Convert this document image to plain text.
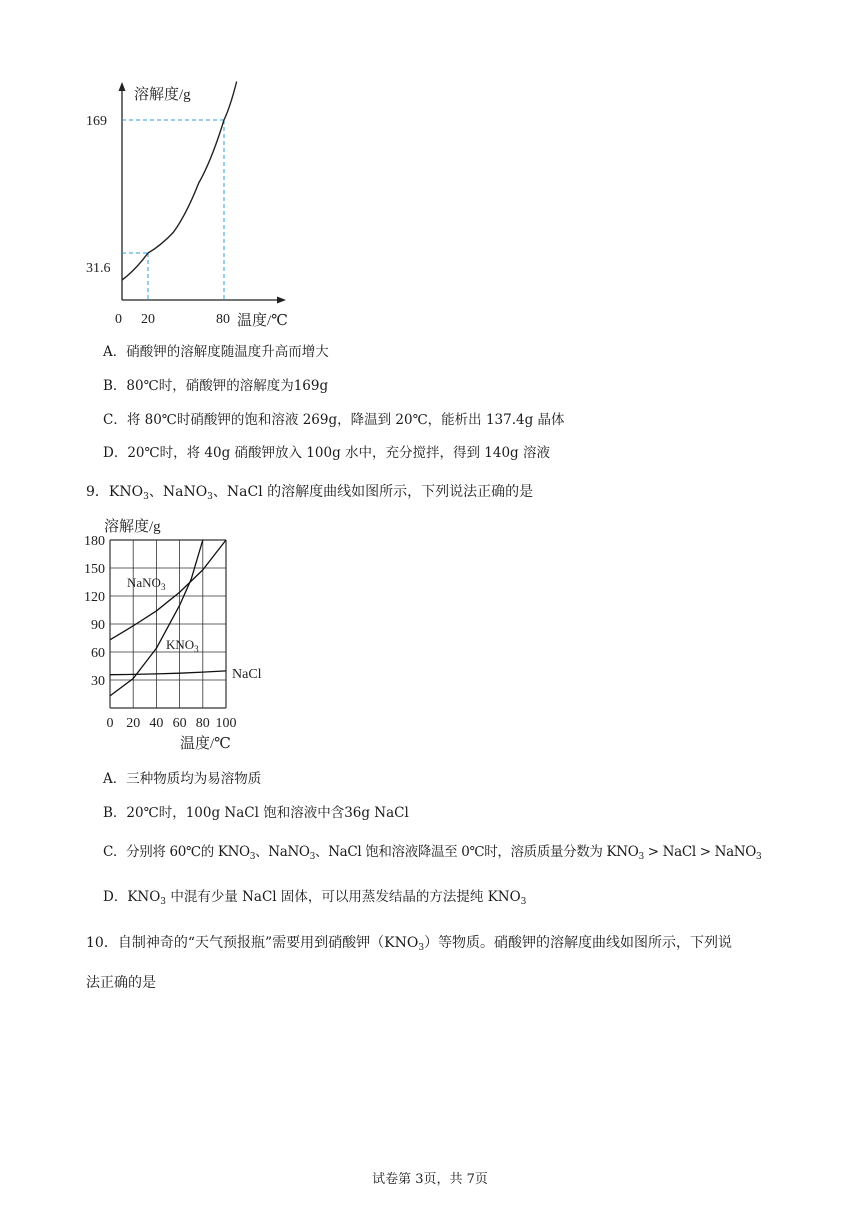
溶解度/g
温度/℃
0 20	80
31.6
169
A．硝酸钾的溶解度随温度升高而增大
B．80℃时，硝酸钾的溶解度为169g
C．将 80℃时硝酸钾的饱和溶液 269g，降温到 20℃，能析出 137.4g 晶体
D．20℃时，将 40g 硝酸钾放入 100g 水中，充分搅拌，得到 140g 溶液
9．$KNO_3$、NaNO$_3$、NaCl 的溶解度曲线如图所示，下列说法正确的是
溶解度/g
温度/℃
30
60
90
120
150
180
0 20 40 60 80 100
NaNO$_3$
$KNO_3$
NaCl
A．三种物质均为易溶物质
B．20℃时，100g NaCl 饱和溶液中含36g NaCl
C．分别将 60℃的 $KNO_3$、NaNO$_3$、NaCl 饱和溶液降温至 0℃时，溶质质量分数为 $KNO_3$ > NaCl > NaNO$_3$
D．$KNO_3$ 中混有少量 NaCl 固体，可以用蒸发结晶的方法提纯 $KNO_3$
10．自制神奇的“天气预报瓶”需要用到硝酸钾$(KNO_3)$等物质。硝酸钾的溶解度曲线如图所示，下列说
法正确的是
试卷第 3页，共 7页
